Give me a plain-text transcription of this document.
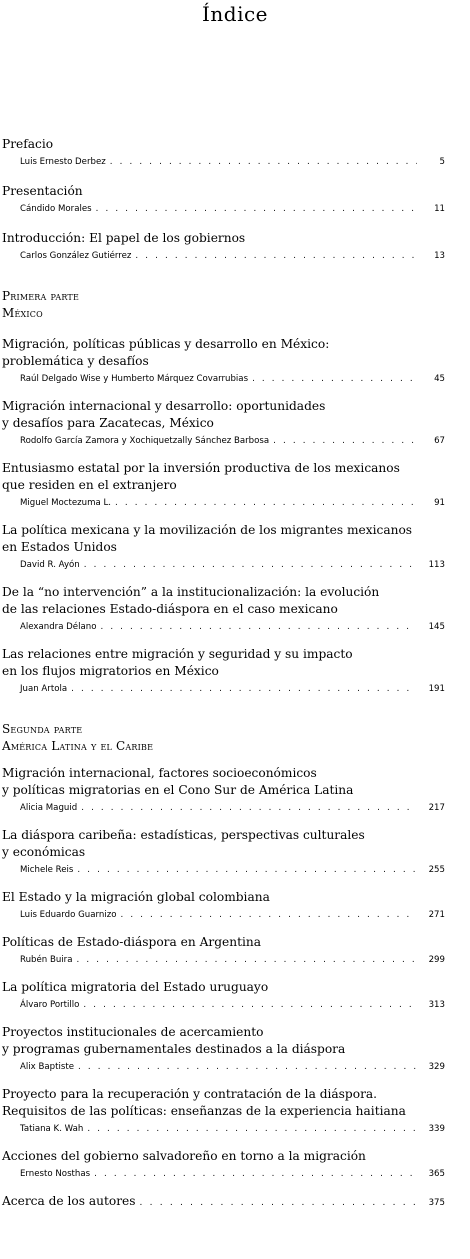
Índice
Prefacio
Luis Ernesto Derbez . . .	5
Presentación
Cándido Morales . . .	11
Introducción: El papel de los gobiernos
Carlos González Gutiérrez . . .	13
Primera parte
México
Migración, políticas públicas y desarrollo en México:
problemática y desafíos
Raúl Delgado Wise y Humberto Márquez Covarrubias . . .	45
Migración internacional y desarrollo: oportunidades
y desafíos para Zacatecas, México
Rodolfo García Zamora y Xochiquetzally Sánchez Barbosa . . .	67
Entusiasmo estatal por la inversión productiva de los mexicanos
que residen en el extranjero
Miguel Moctezuma L. . . .	91
La política mexicana y la movilización de los migrantes mexicanos
en Estados Unidos
David R. Ayón . . .	113
De la “no intervención” a la institucionalización: la evolución
de las relaciones Estado-diáspora en el caso mexicano
Alexandra Délano . . .	145
Las relaciones entre migración y seguridad y su impacto
en los flujos migratorios en México
Juan Artola . . .	191
Segunda parte
América Latina y el Caribe
Migración internacional, factores socioeconómicos
y políticas migratorias en el Cono Sur de América Latina
Alicia Maguid . . .	217
La diáspora caribeña: estadísticas, perspectivas culturales
y económicas
Michele Reis . . .	255
El Estado y la migración global colombiana
Luis Eduardo Guarnizo . . .	271
Políticas de Estado-diáspora en Argentina
Rubén Buira . . .	299
La política migratoria del Estado uruguayo
Álvaro Portillo . . .	313
Proyectos institucionales de acercamiento
y programas gubernamentales destinados a la diáspora
Alix Baptiste . . .	329
Proyecto para la recuperación y contratación de la diáspora.
Requisitos de las políticas: enseñanzas de la experiencia haitiana
Tatiana K. Wah . . .	339
Acciones del gobierno salvadoreño en torno a la migración
Ernesto Nosthas . . .	365
Acerca de los autores . . .	375
